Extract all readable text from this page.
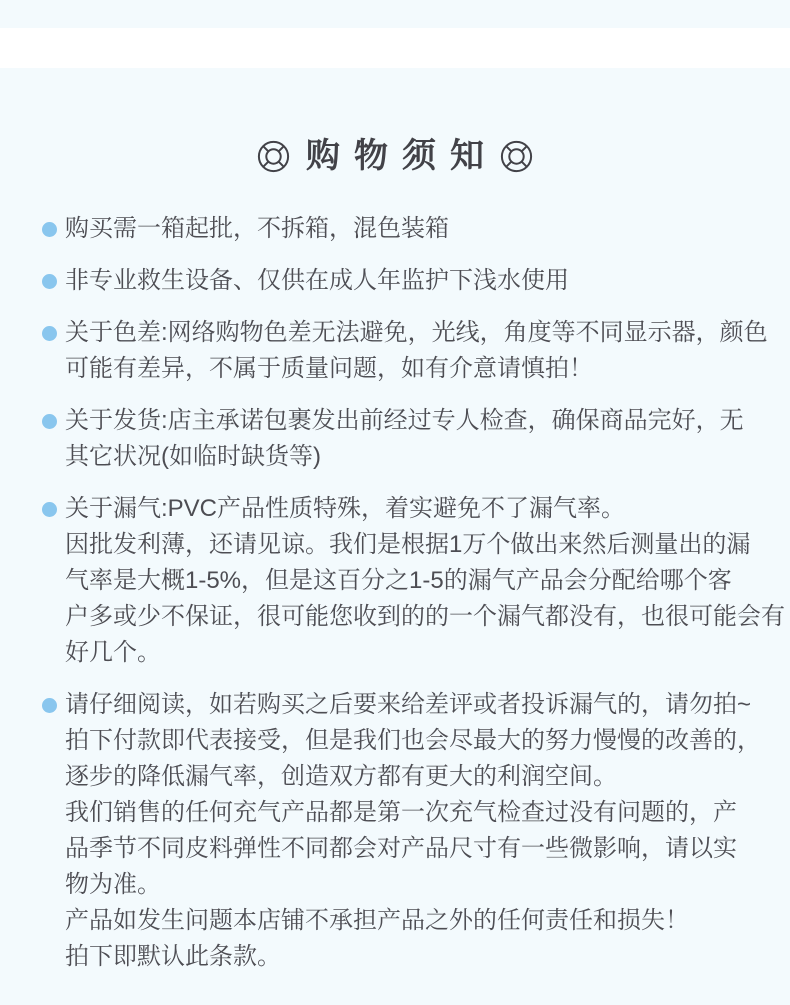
购物须知
购买需一箱起批，不拆箱，混色装箱
非专业救生设备、仅供在成人年监护下浅水使用
关于色差:网络购物色差无法避免，光线，角度等不同显示器，颜色
可能有差异，不属于质量问题，如有介意请慎拍！
关于发货:店主承诺包裹发出前经过专人检查，确保商品完好，无
其它状况(如临时缺货等)
关于漏气:PVC产品性质特殊，着实避免不了漏气率。
因批发利薄，还请见谅。我们是根据1万个做出来然后测量出的漏
气率是大概1-5%，但是这百分之1-5的漏气产品会分配给哪个客
户多或少不保证，很可能您收到的的一个漏气都没有，也很可能会有
好几个。
请仔细阅读，如若购买之后要来给差评或者投诉漏气的，请勿拍~
拍下付款即代表接受，但是我们也会尽最大的努力慢慢的改善的，
逐步的降低漏气率，创造双方都有更大的利润空间。
我们销售的任何充气产品都是第一次充气检查过没有问题的，产
品季节不同皮料弹性不同都会对产品尺寸有一些微影响，请以实
物为准。
产品如发生问题本店铺不承担产品之外的任何责任和损失！
拍下即默认此条款。
